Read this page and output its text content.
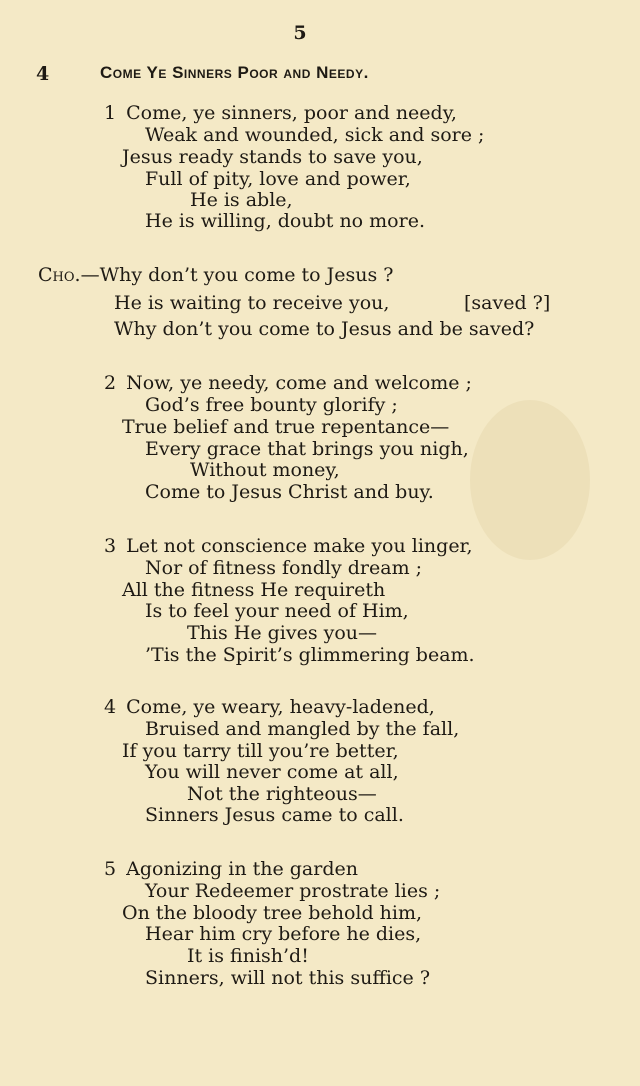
5
4	Come Ye Sinners Poor and Needy.
1 Come, ye sinners, poor and needy,
Weak and wounded, sick and sore ;
Jesus ready stands to save you,
Full of pity, love and power,
He is able,
He is willing, doubt no more.
Cho.—Why don’t you come to Jesus ?
He is waiting to receive you,	[saved ?]
Why don’t you come to Jesus and be saved?
2 Now, ye needy, come and welcome ;
God’s free bounty glorify ;
True belief and true repentance—
Every grace that brings you nigh,
Without money,
Come to Jesus Christ and buy.
3 Let not conscience make you linger,
Nor of fitness fondly dream ;
All the fitness He requireth
Is to feel your need of Him,
This He gives you—
’Tis the Spirit’s glimmering beam.
4 Come, ye weary, heavy-ladened,
Bruised and mangled by the fall,
If you tarry till you’re better,
You will never come at all,
Not the righteous—
Sinners Jesus came to call.
5 Agonizing in the garden
Your Redeemer prostrate lies ;
On the bloody tree behold him,
Hear him cry before he dies,
It is finish’d!
Sinners, will not this suffice ?
